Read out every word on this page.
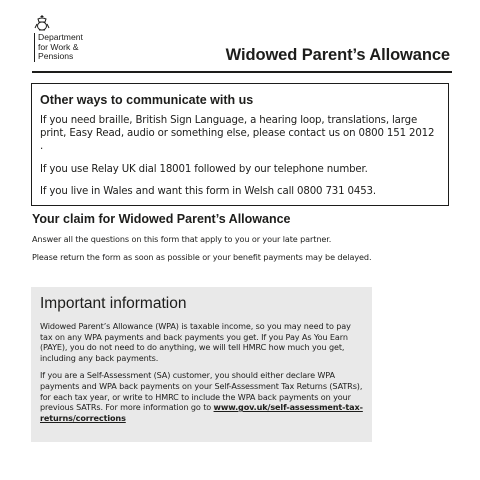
Department
for Work &
Pensions	Widowed Parent’s Allowance
Other ways to communicate with us

If you need braille, British Sign Language, a hearing loop, translations, large print, Easy Read, audio or something else, please contact us on 0800 151 2012 .

If you use Relay UK dial 18001 followed by our telephone number.

If you live in Wales and want this form in Welsh call 0800 731 0453.

Your claim for Widowed Parent’s Allowance

Answer all the questions on this form that apply to you or your late partner.

Please return the form as soon as possible or your benefit payments may be delayed.

Important information

Widowed Parent’s Allowance (WPA) is taxable income, so you may need to pay tax on any WPA payments and back payments you get. If you Pay As You Earn (PAYE), you do not need to do anything, we will tell HMRC how much you get, including any back payments.

If you are a Self-Assessment (SA) customer, you should either declare WPA payments and WPA back payments on your Self-Assessment Tax Returns (SATRs), for each tax year, or write to HMRC to include the WPA back payments on your previous SATRs. For more information go to www.gov.uk/self-assessment-tax-returns/corrections
